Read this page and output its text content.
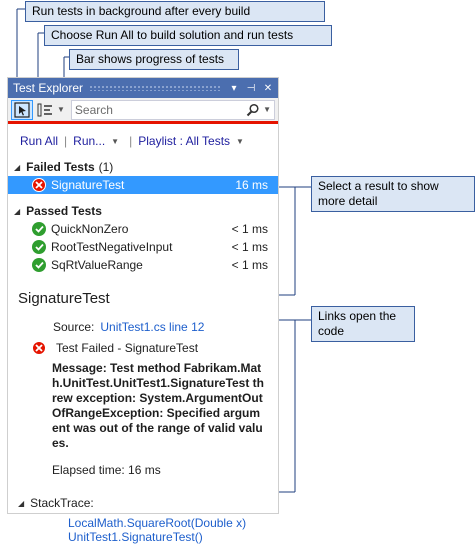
Run tests in background after every build
Choose Run All to build solution and run tests
Bar shows progress of tests
Select a result to show more detail
Links open the code
Test Explorer	▾	⊣ ✕
▼
Search	▼
Run All | Run... ▼ | Playlist : All Tests ▼
◢ Failed Tests (1)
SignatureTest	16 ms
◢ Passed Tests
QuickNonZero	< 1 ms
RootTestNegativeInput	< 1 ms
SqRtValueRange	< 1 ms
SignatureTest
Source: UnitTest1.cs line 12
Test Failed - SignatureTest
Message: Test method Fabrikam.Math.UnitTest.UnitTest1.SignatureTest threw exception: System.ArgumentOutOfRangeException: Specified argument was out of the range of valid values.
Elapsed time: 16 ms
◢ StackTrace:
LocalMath.SquareRoot(Double x)
UnitTest1.SignatureTest()
